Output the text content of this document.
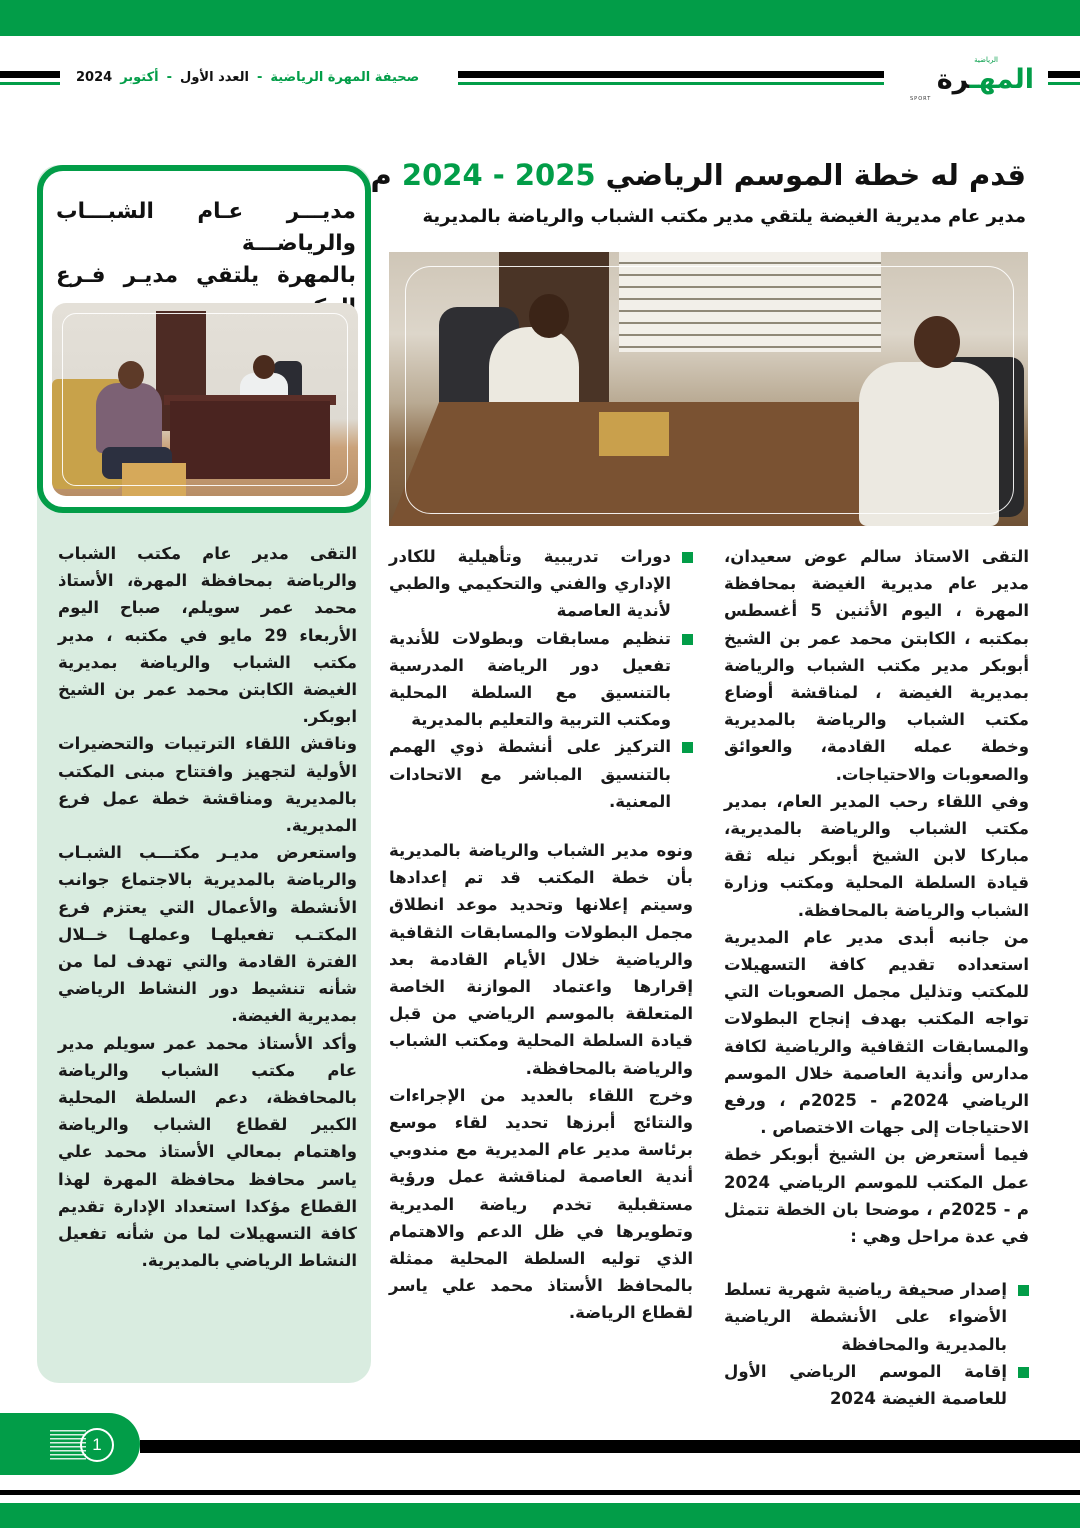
صحيفة المهرة الرياضية
-
العدد الأول
-
أكتوبر
2024
الرياضية
المهـرة
SPORT
قدم له خطة الموسم الرياضي 2024 - 2025 م
مدير عام مديرية الغيضة يلتقي مدير مكتب الشباب والرياضة بالمديرية
مديـــر عـام الشبـــاب والرياضـــة
بالمهرة يلتقي مديـر فـرع

التقى مدير عام مكتب الشباب والرياضة بمحافظة المهرة، الأستاذ محمد عمر سويلم، صباح اليوم الأربعاء 29 مايو في مكتبه ، مدير مكتب الشباب والرياضة بمديرية الغيضة الكابتن محمد عمر بن الشيخ ابوبكر.

وناقش اللقاء الترتيبات والتحضيرات الأولية لتجهيز وافتتاح مبنى المكتب بالمديرية ومناقشة خطة عمل فرع المديرية.

واستعرض مديـر مكتـــب الشبـاب والرياضة بالمديرية بالاجتماع جوانب الأنشطة والأعمال التي يعتزم فرع المكتـب تفعيلهـا وعملهـا خــلال الفترة القادمة والتي تهدف لما من شأنه تنشيط دور النشاط الرياضي بمديرية الغيضة.

وأكد الأستاذ محمد عمر سويلم مدير عام مكتب الشباب والرياضة بالمحافظة، دعم السلطة المحلية الكبير لقطاع الشباب والرياضة واهتمام بمعالي الأستاذ محمد علي ياسر محافظ محافظة المهرة لهذا القطاع مؤكدا استعداد الإدارة تقديم كافة التسهيلات لما من شأنه تفعيل النشاط الرياضي بالمديرية.

التقى الاستاذ سالم عوض سعيدان، مدير عام مديرية الغيضة بمحافظة المهرة ، اليوم الأثنين 5 أغسطس بمكتبه ، الكابتن محمد عمر بن الشيخ أبوبكر مدير مكتب الشباب والرياضة بمديرية الغيضة ، لمناقشة أوضاع مكتب الشباب والرياضة بالمديرية وخطة عمله القادمة، والعوائق والصعوبات والاحتياجات.

وفي اللقاء رحب المدير العام، بمدير مكتب الشباب والرياضة بالمديرية، مباركا لابن الشيخ أبوبكر نيله ثقة قيادة السلطة المحلية ومكتب وزارة الشباب والرياضة بالمحافظة.

من جانبه أبدى مدير عام المديرية استعداده تقديم كافة التسهيلات للمكتب وتذليل مجمل الصعوبات التي تواجه المكتب بهدف إنجاح البطولات والمسابقات الثقافية والرياضية لكافة مدارس وأندية العاصمة خلال الموسم الرياضي 2024م - 2025م ، ورفع الاحتياجات إلى جهات الاختصاص .

فيما أستعرض بن الشيخ أبوبكر خطة عمل المكتب للموسم الرياضي 2024 م - 2025م ، موضحا بان الخطة تتمثل في عدة مراحل وهي :

إصدار صحيفة رياضية شهرية تسلط الأضواء على الأنشطة الرياضية بالمديرية والمحافظة
إقامة الموسم الرياضي الأول للعاصمة الغيضة 2024
دورات تدريبية وتأهيلية للكادر الإداري والفني والتحكيمي والطبي لأندية العاصمة
تنظيم مسابقات وبطولات للأندية تفعيل دور الرياضة المدرسية بالتنسيق مع السلطة المحلية ومكتب التربية والتعليم بالمديرية
التركيز على أنشطة ذوي الهمم بالتنسيق المباشر مع الاتحادات المعنية.

ونوه مدير الشباب والرياضة بالمديرية بأن خطة المكتب قد تم إعدادها وسيتم إعلانها وتحديد موعد انطلاق مجمل البطولات والمسابقات الثقافية والرياضية خلال الأيام القادمة بعد إقرارها واعتماد الموازنة الخاصة المتعلقة بالموسم الرياضي من قبل قيادة السلطة المحلية ومكتب الشباب والرياضة بالمحافظة.

وخرج اللقاء بالعديد من الإجراءات والنتائج أبرزها تحديد لقاء موسع برئاسة مدير عام المديرية مع مندوبي أندية العاصمة لمناقشة عمل ورؤية مستقبلية تخدم رياضة المديرية وتطويرها في ظل الدعم والاهتمام الذي توليه السلطة المحلية ممثلة بالمحافظ الأستاذ محمد علي ياسر لقطاع الرياضة.

1
